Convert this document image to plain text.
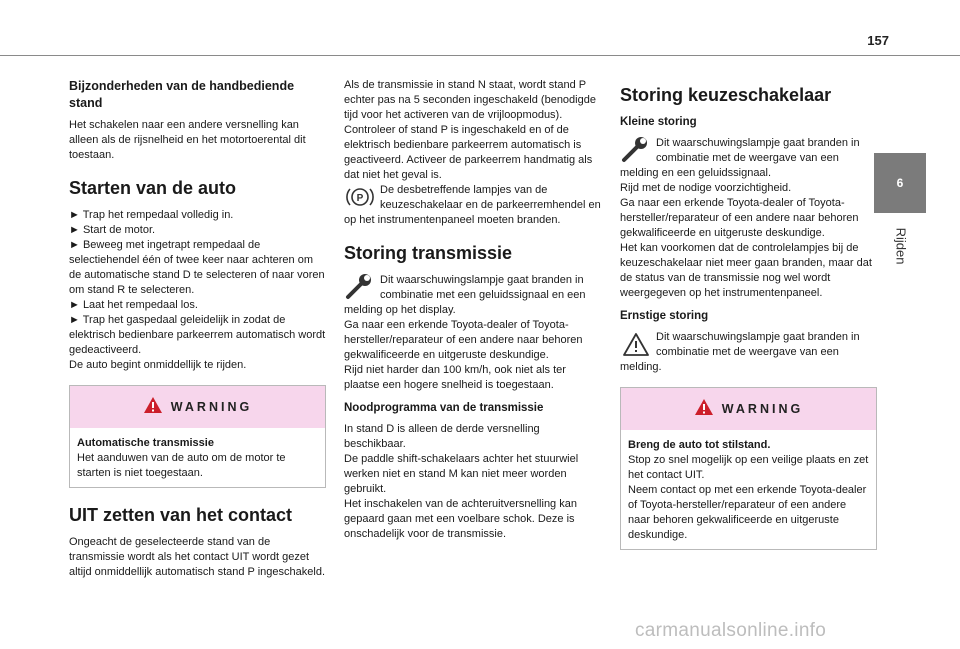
157
6
Rijden
Bijzonderheden van de handbediende stand

Het schakelen naar een andere versnelling kan alleen als de rijsnelheid en het motortoerental dit toestaan.

Starten van de auto

► Trap het rempedaal volledig in.

► Start de motor.

► Beweeg met ingetrapt rempedaal de selectiehendel één of twee keer naar achteren om de automatische stand D te selecteren of naar voren om stand R te selecteren.

► Laat het rempedaal los.

► Trap het gaspedaal geleidelijk in zodat de elektrisch bedienbare parkeerrem automatisch wordt gedeactiveerd.

De auto begint onmiddellijk te rijden.

WARNING
Automatische transmissie

Het aanduwen van de auto om de motor te starten is niet toegestaan.

UIT zetten van het contact

Ongeacht de geselecteerde stand van de transmissie wordt als het contact UIT wordt gezet altijd onmiddellijk automatisch stand P ingeschakeld.

Als de transmissie in stand N staat, wordt stand P echter pas na 5 seconden ingeschakeld (benodigde tijd voor het activeren van de vrijloopmodus). Controleer of stand P is ingeschakeld en of de elektrisch bedienbare parkeerrem automatisch is geactiveerd. Activeer de parkeerrem handmatig als dat niet het geval is.

P

De desbetreffende lampjes van de keuzeschakelaar en de parkeerremhendel en op het instrumentenpaneel moeten branden.

Storing transmissie

Dit waarschuwingslampje gaat branden in combinatie met een geluidssignaal en een melding op het display.

Ga naar een erkende Toyota-dealer of Toyota-hersteller/reparateur of een andere naar behoren gekwalificeerde en uitgeruste deskundige.

Rijd niet harder dan 100 km/h, ook niet als ter plaatse een hogere snelheid is toegestaan.

Noodprogramma van de transmissie

In stand D is alleen de derde versnelling beschikbaar.

De paddle shift-schakelaars achter het stuurwiel werken niet en stand M kan niet meer worden gebruikt.

Het inschakelen van de achteruitversnelling kan gepaard gaan met een voelbare schok. Deze is onschadelijk voor de transmissie.

Storing keuzeschakelaar
Kleine storing

Dit waarschuwingslampje gaat branden in combinatie met de weergave van een melding en een geluidssignaal.

Rijd met de nodige voorzichtigheid.

Ga naar een erkende Toyota-dealer of Toyota-hersteller/reparateur of een andere naar behoren gekwalificeerde en uitgeruste deskundige.

Het kan voorkomen dat de controlelampjes bij de keuzeschakelaar niet meer gaan branden, maar dat de status van de transmissie nog wel wordt weergegeven op het instrumentenpaneel.

Ernstige storing

Dit waarschuwingslampje gaat branden in combinatie met de weergave van een melding.

WARNING
Breng de auto tot stilstand.

Stop zo snel mogelijk op een veilige plaats en zet het contact UIT.

Neem contact op met een erkende Toyota-dealer of Toyota-hersteller/reparateur of een andere naar behoren gekwalificeerde en uitgeruste deskundige.

carmanualsonline.info
